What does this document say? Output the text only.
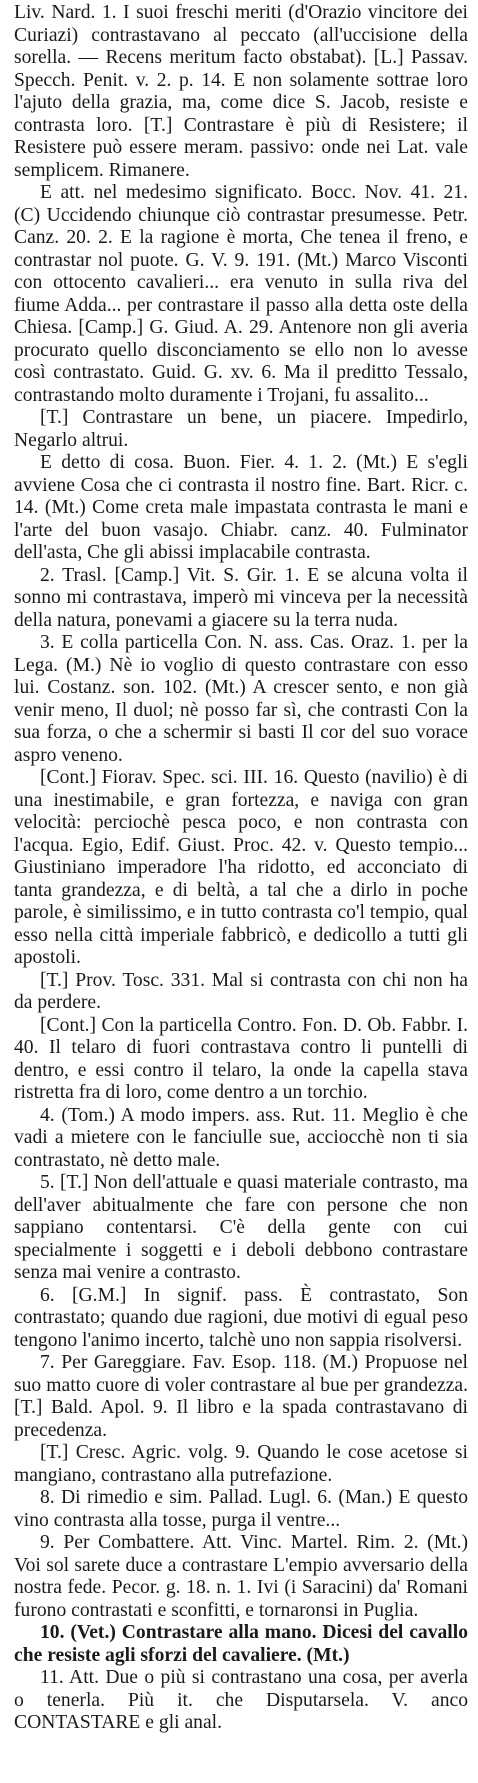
Liv. Nard. 1. I suoi freschi meriti (d'Orazio vincitore dei Curiazi) contrastavano al peccato (all'uccisione della sorella. — Recens meritum facto obstabat). [L.] Passav. Specch. Penit. v. 2. p. 14. E non solamente sottrae loro l'ajuto della grazia, ma, come dice S. Jacob, resiste e contrasta loro. [T.] Contrastare è più di Resistere; il Resistere può essere meram. passivo: onde nei Lat. vale semplicem. Rimanere.

E att. nel medesimo significato. Bocc. Nov. 41. 21. (C) Uccidendo chiunque ciò contrastar presumesse. Petr. Canz. 20. 2. E la ragione è morta, Che tenea il freno, e contrastar nol puote. G. V. 9. 191. (Mt.) Marco Visconti con ottocento cavalieri... era venuto in sulla riva del fiume Adda... per contrastare il passo alla detta oste della Chiesa. [Camp.] G. Giud. A. 29. Antenore non gli averia procurato quello disconciamento se ello non lo avesse così contrastato. Guid. G. xv. 6. Ma il preditto Tessalo, contrastando molto duramente i Trojani, fu assalito...

[T.] Contrastare un bene, un piacere. Impedirlo, Negarlo altrui.

E detto di cosa. Buon. Fier. 4. 1. 2. (Mt.) E s'egli avviene Cosa che ci contrasta il nostro fine. Bart. Ricr. c. 14. (Mt.) Come creta male impastata contrasta le mani e l'arte del buon vasajo. Chiabr. canz. 40. Fulminator dell'asta, Che gli abissi implacabile contrasta.

2. Trasl. [Camp.] Vit. S. Gir. 1. E se alcuna volta il sonno mi contrastava, imperò mi vinceva per la necessità della natura, ponevami a giacere su la terra nuda.

3. E colla particella Con. N. ass. Cas. Oraz. 1. per la Lega. (M.) Nè io voglio di questo contrastare con esso lui. Costanz. son. 102. (Mt.) A crescer sento, e non già venir meno, Il duol; nè posso far sì, che contrasti Con la sua forza, o che a schermir si basti Il cor del suo vorace aspro veneno.

[Cont.] Fiorav. Spec. sci. III. 16. Questo (navilio) è di una inestimabile, e gran fortezza, e naviga con gran velocità: perciochè pesca poco, e non contrasta con l'acqua. Egio, Edif. Giust. Proc. 42. v. Questo tempio... Giustiniano imperadore l'ha ridotto, ed acconciato di tanta grandezza, e di beltà, a tal che a dirlo in poche parole, è similissimo, e in tutto contrasta co'l tempio, qual esso nella città imperiale fabbricò, e dedicollo a tutti gli apostoli.

[T.] Prov. Tosc. 331. Mal si contrasta con chi non ha da perdere.

[Cont.] Con la particella Contro. Fon. D. Ob. Fabbr. I. 40. Il telaro di fuori contrastava contro li puntelli di dentro, e essi contro il telaro, la onde la capella stava ristretta fra di loro, come dentro a un torchio.

4. (Tom.) A modo impers. ass. Rut. 11. Meglio è che vadi a mietere con le fanciulle sue, acciocchè non ti sia contrastato, nè detto male.

5. [T.] Non dell'attuale e quasi materiale contrasto, ma dell'aver abitualmente che fare con persone che non sappiano contentarsi. C'è della gente con cui specialmente i soggetti e i deboli debbono contrastare senza mai venire a contrasto.

6. [G.M.] In signif. pass. È contrastato, Son contrastato; quando due ragioni, due motivi di egual peso tengono l'animo incerto, talchè uno non sappia risolversi.

7. Per Gareggiare. Fav. Esop. 118. (M.) Propuose nel suo matto cuore di voler contrastare al bue per grandezza. [T.] Bald. Apol. 9. Il libro e la spada contrastavano di precedenza.

[T.] Cresc. Agric. volg. 9. Quando le cose acetose si mangiano, contrastano alla putrefazione.

8. Di rimedio e sim. Pallad. Lugl. 6. (Man.) E questo vino contrasta alla tosse, purga il ventre...

9. Per Combattere. Att. Vinc. Martel. Rim. 2. (Mt.) Voi sol sarete duce a contrastare L'empio avversario della nostra fede. Pecor. g. 18. n. 1. Ivi (i Saracini) da' Romani furono contrastati e sconfitti, e tornaronsi in Puglia.

10. (Vet.) Contrastare alla mano. Dicesi del cavallo che resiste agli sforzi del cavaliere. (Mt.)

11. Att. Due o più si contrastano una cosa, per averla o tenerla. Più it. che Disputarsela. V. anco CONTASTARE e gli anal.
